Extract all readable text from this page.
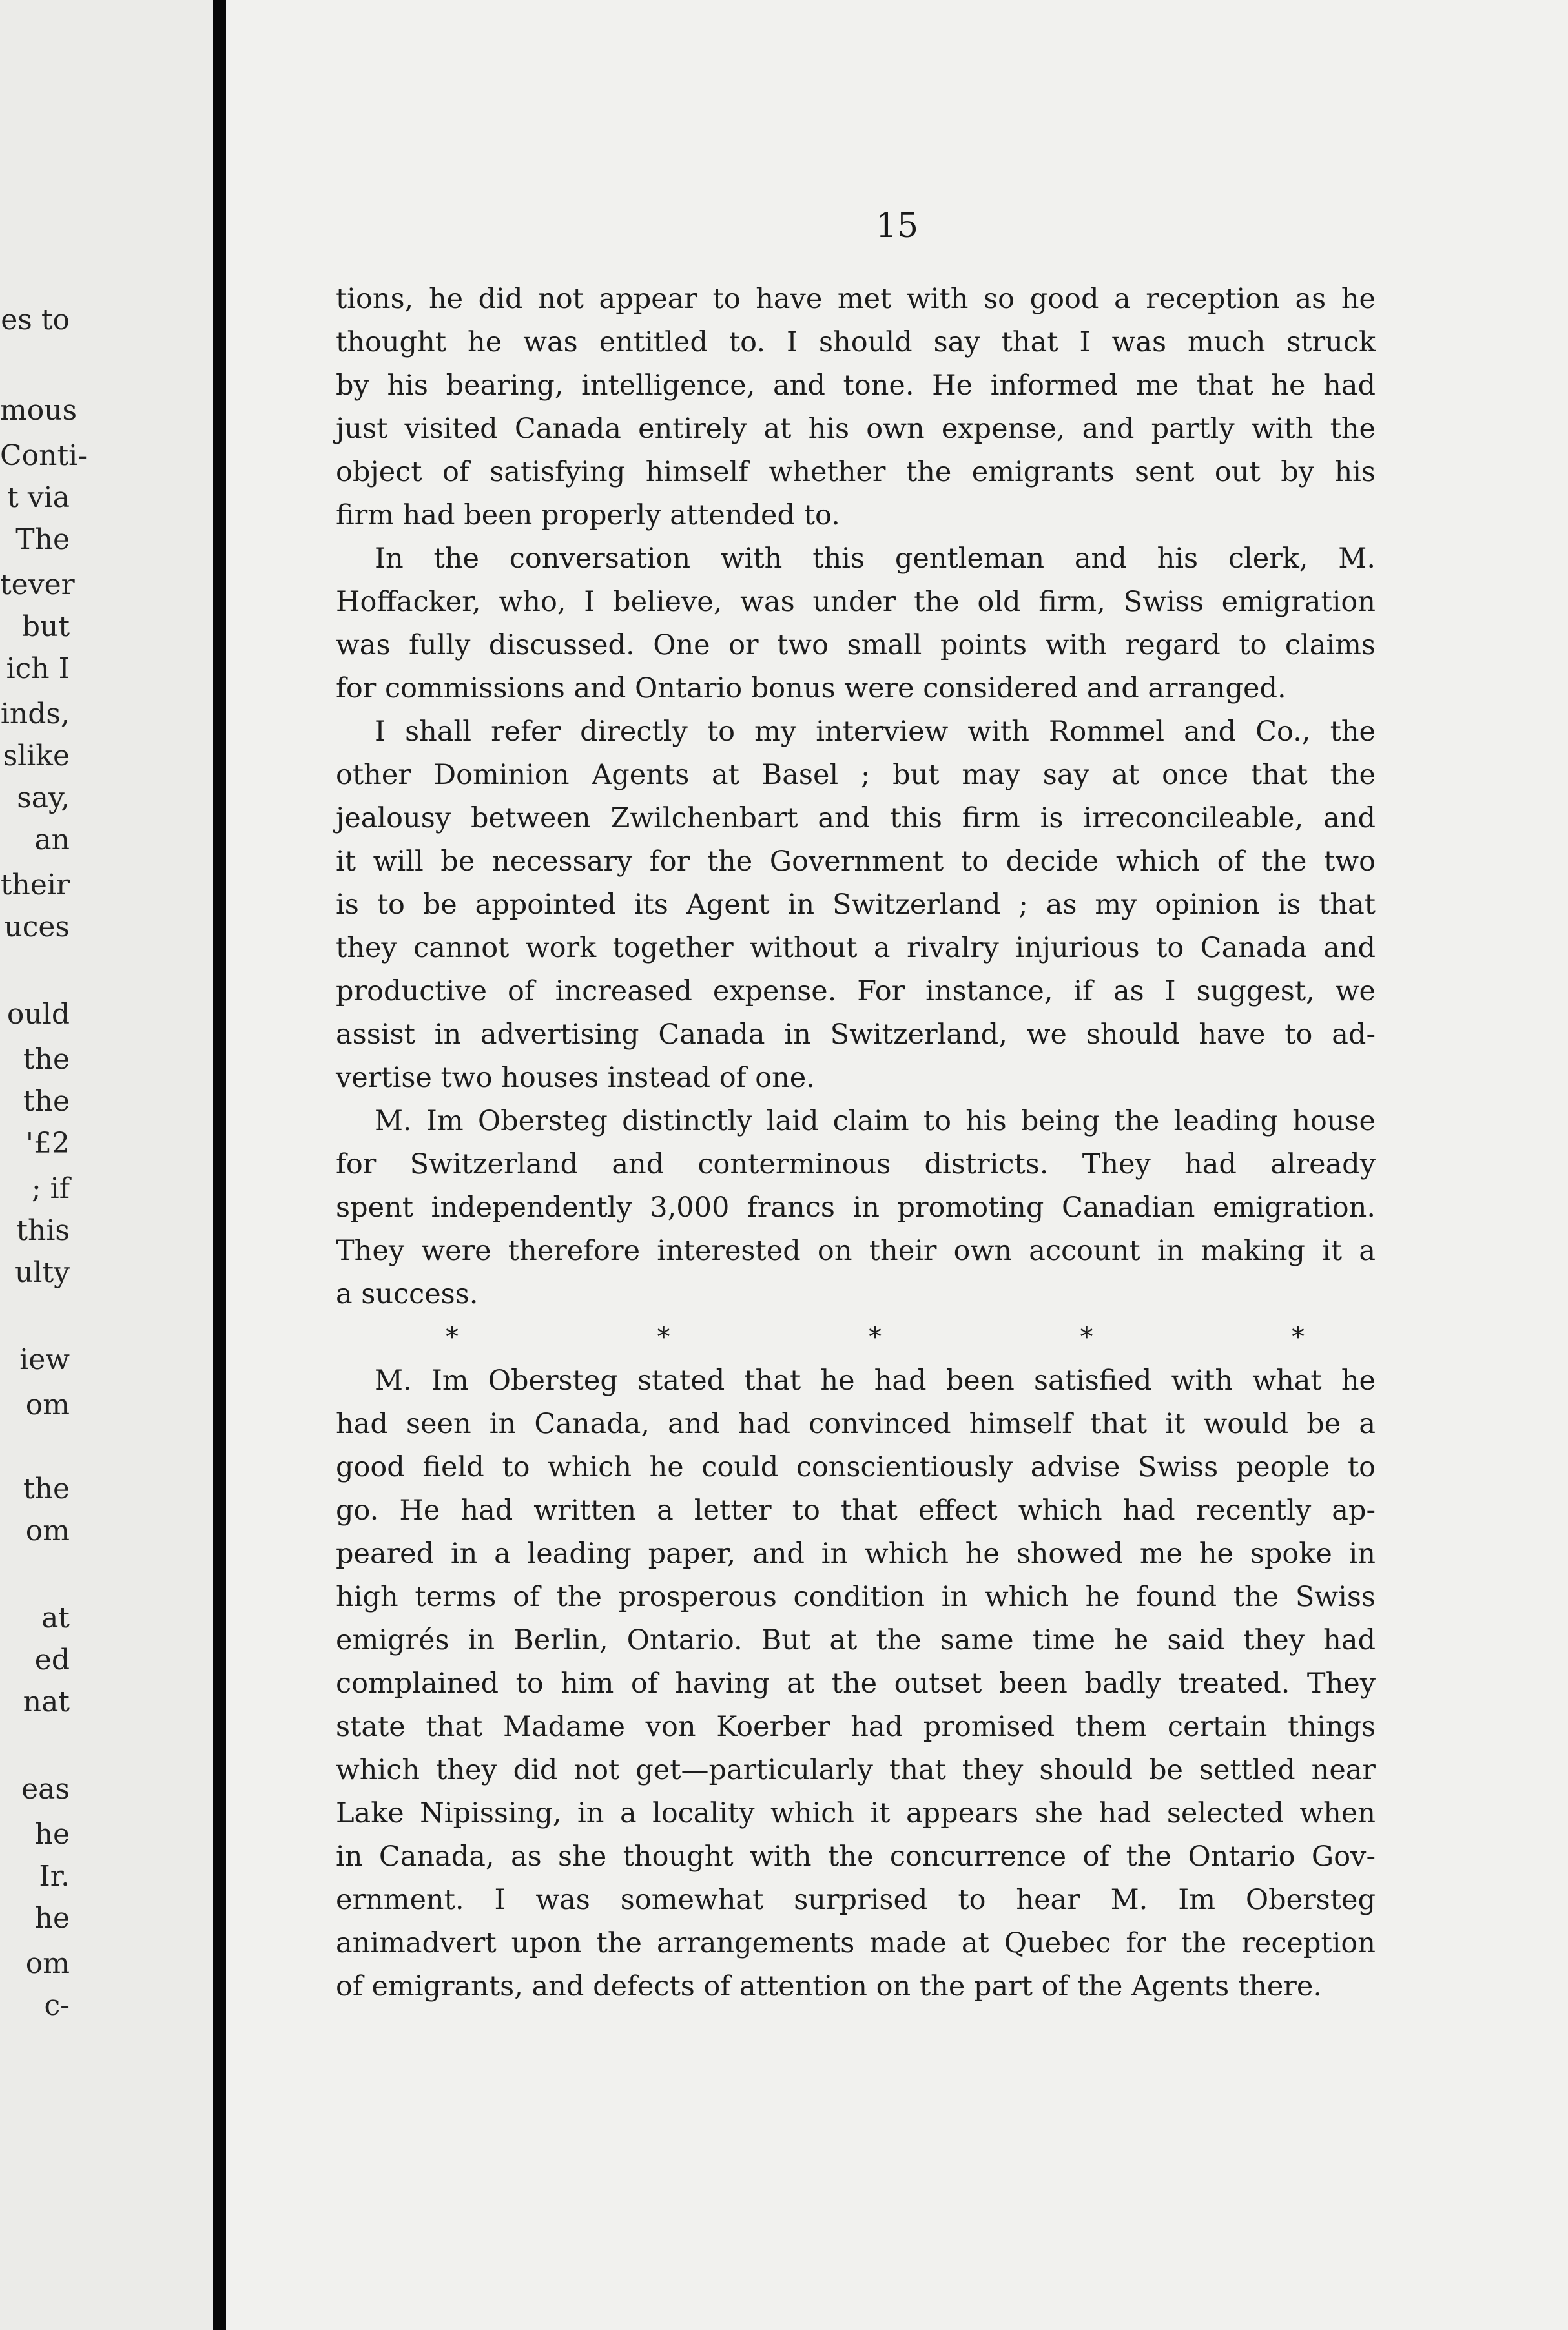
es to
mous
Conti-
t via
The
tever
but
ich I
inds,
slike
say,
an
their
uces
ould
the
the
'£2
; if
this
ulty
iew
om
the
om
at
ed
nat
eas
he
Ir.
he
om
c-
15
tions, he did not appear to have met with so good a reception as he
thought he was entitled to. I should say that I was much struck
by his bearing, intelligence, and tone. He informed me that he had
just visited Canada entirely at his own expense, and partly with the
object of satisfying himself whether the emigrants sent out by his
firm had been properly attended to.
In the conversation with this gentleman and his clerk, M.
Hoffacker, who, I believe, was under the old firm, Swiss emigration
was fully discussed. One or two small points with regard to claims
for commissions and Ontario bonus were considered and arranged.
I shall refer directly to my interview with Rommel and Co., the
other Dominion Agents at Basel ; but may say at once that the
jealousy between Zwilchenbart and this firm is irreconcileable, and
it will be necessary for the Government to decide which of the two
is to be appointed its Agent in Switzerland ; as my opinion is that
they cannot work together without a rivalry injurious to Canada and
productive of increased expense. For instance, if as I suggest, we
assist in advertising Canada in Switzerland, we should have to ad-
vertise two houses instead of one.
M. Im Obersteg distinctly laid claim to his being the leading house
for Switzerland and conterminous districts. They had already
spent independently 3,000 francs in promoting Canadian emigration.
They were therefore interested on their own account in making it a
a success.
*	*	*	*	*
M. Im Obersteg stated that he had been satisfied with what he
had seen in Canada, and had convinced himself that it would be a
good field to which he could conscientiously advise Swiss people to
go. He had written a letter to that effect which had recently ap-
peared in a leading paper, and in which he showed me he spoke in
high terms of the prosperous condition in which he found the Swiss
emigrés in Berlin, Ontario. But at the same time he said they had
complained to him of having at the outset been badly treated. They
state that Madame von Koerber had promised them certain things
which they did not get—particularly that they should be settled near
Lake Nipissing, in a locality which it appears she had selected when
in Canada, as she thought with the concurrence of the Ontario Gov-
ernment. I was somewhat surprised to hear M. Im Obersteg
animadvert upon the arrangements made at Quebec for the reception
of emigrants, and defects of attention on the part of the Agents there.
